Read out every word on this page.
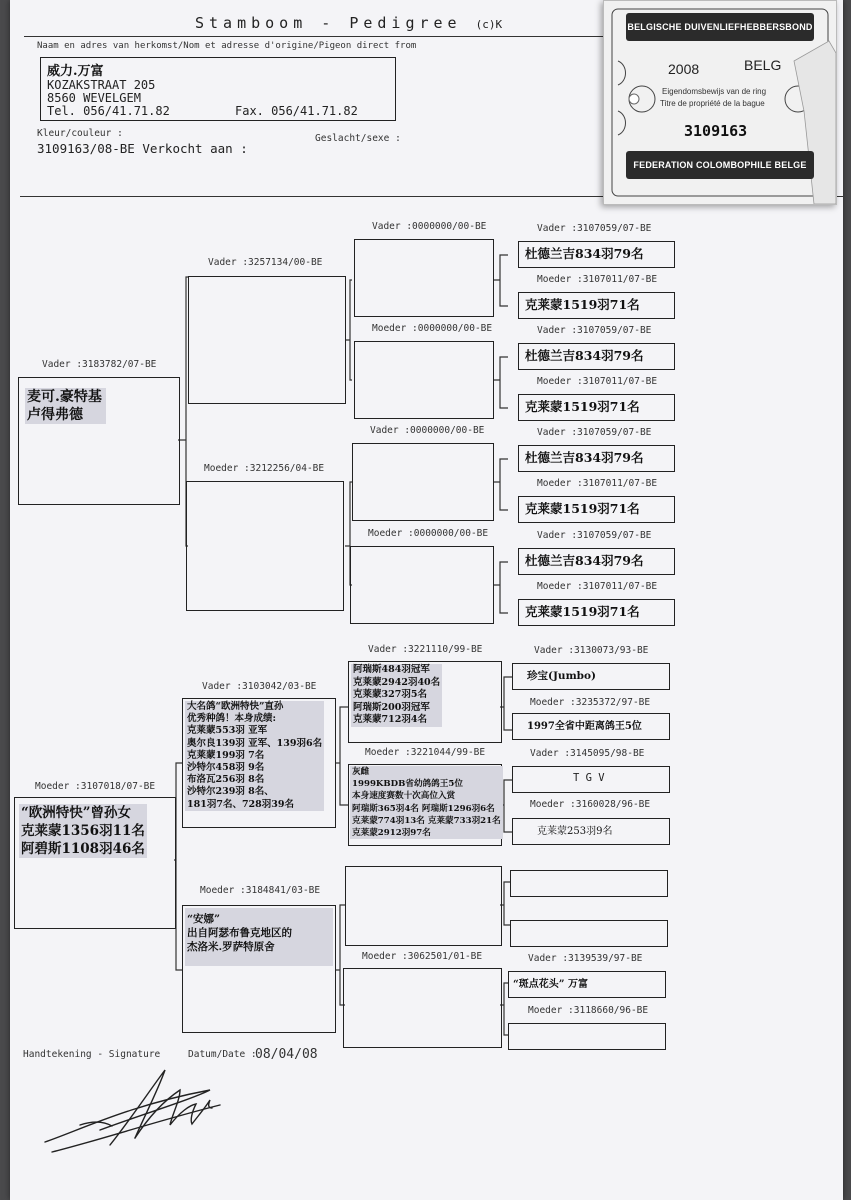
Stamboom - Pedigree (c)K
Naam en adres van herkomst/Nom et adresse d'origine/Pigeon direct from
威力.万富
KOZAKSTRAAT 205
8560 WEVELGEM
Tel. 056/41.71.82	Fax. 056/41.71.82
Kleur/couleur :	Geslacht/sexe :
3109163/08-BE Verkocht aan :
Vader :3183782/07-BE
麦可.豪特基
卢得弗德
Vader :3257134/00-BE
Moeder :3212256/04-BE
Vader :0000000/00-BE
Moeder :0000000/00-BE
Vader :0000000/00-BE
Moeder :0000000/00-BE
Vader :3107059/07-BE
杜德兰吉834羽79名
Moeder :3107011/07-BE
克莱蒙1519羽71名
Vader :3107059/07-BE
杜德兰吉834羽79名
Moeder :3107011/07-BE
克莱蒙1519羽71名
Vader :3107059/07-BE
杜德兰吉834羽79名
Moeder :3107011/07-BE
克莱蒙1519羽71名
Vader :3107059/07-BE
杜德兰吉834羽79名
Moeder :3107011/07-BE
克莱蒙1519羽71名
Moeder :3107018/07-BE
“欧洲特快”曾孙女
克莱蒙1356羽11名
阿碧斯1108羽46名
Vader :3103042/03-BE
大名鸽“欧洲特快”直孙
优秀种鸽！本身成绩:
克莱蒙553羽 亚军
奥尔良139羽 亚军、139羽6名
克莱蒙199羽 7名
沙特尔458羽 9名
布洛瓦256羽 8名
沙特尔239羽 8名、
181羽7名、728羽39名
Moeder :3184841/03-BE
“安娜”
出自阿瑟布鲁克地区的
杰洛米.罗萨特原舍
Vader :3221110/99-BE
阿瑞斯484羽冠军
克莱蒙2942羽40名
克莱蒙327羽5名
阿瑞斯200羽冠军
克莱蒙712羽4名
Moeder :3221044/99-BE
灰雌
1999KBDB省幼鸽鸽王5位
本身速度赛数十次高位入赏
阿瑞斯365羽4名 阿瑞斯1296羽6名
克莱蒙774羽13名 克莱蒙733羽21名
克莱蒙2912羽97名
Moeder :3062501/01-BE
Vader :3130073/93-BE
珍宝(Jumbo)
Moeder :3235372/97-BE
1997全省中距离鸽王5位
Vader :3145095/98-BE
T G V
Moeder :3160028/96-BE
克莱蒙253羽9名
Vader :3139539/97-BE
“斑点花头” 万富
Moeder :3118660/96-BE
Handtekening - Signature	Datum/Date :
08/04/08
BELGISCHE DUIVENLIEFHEBBERSBOND
2008	BELG
Eigendomsbewijs van de ring
Titre de propriété de la bague
3109163
FEDERATION COLOMBOPHILE BELGE
